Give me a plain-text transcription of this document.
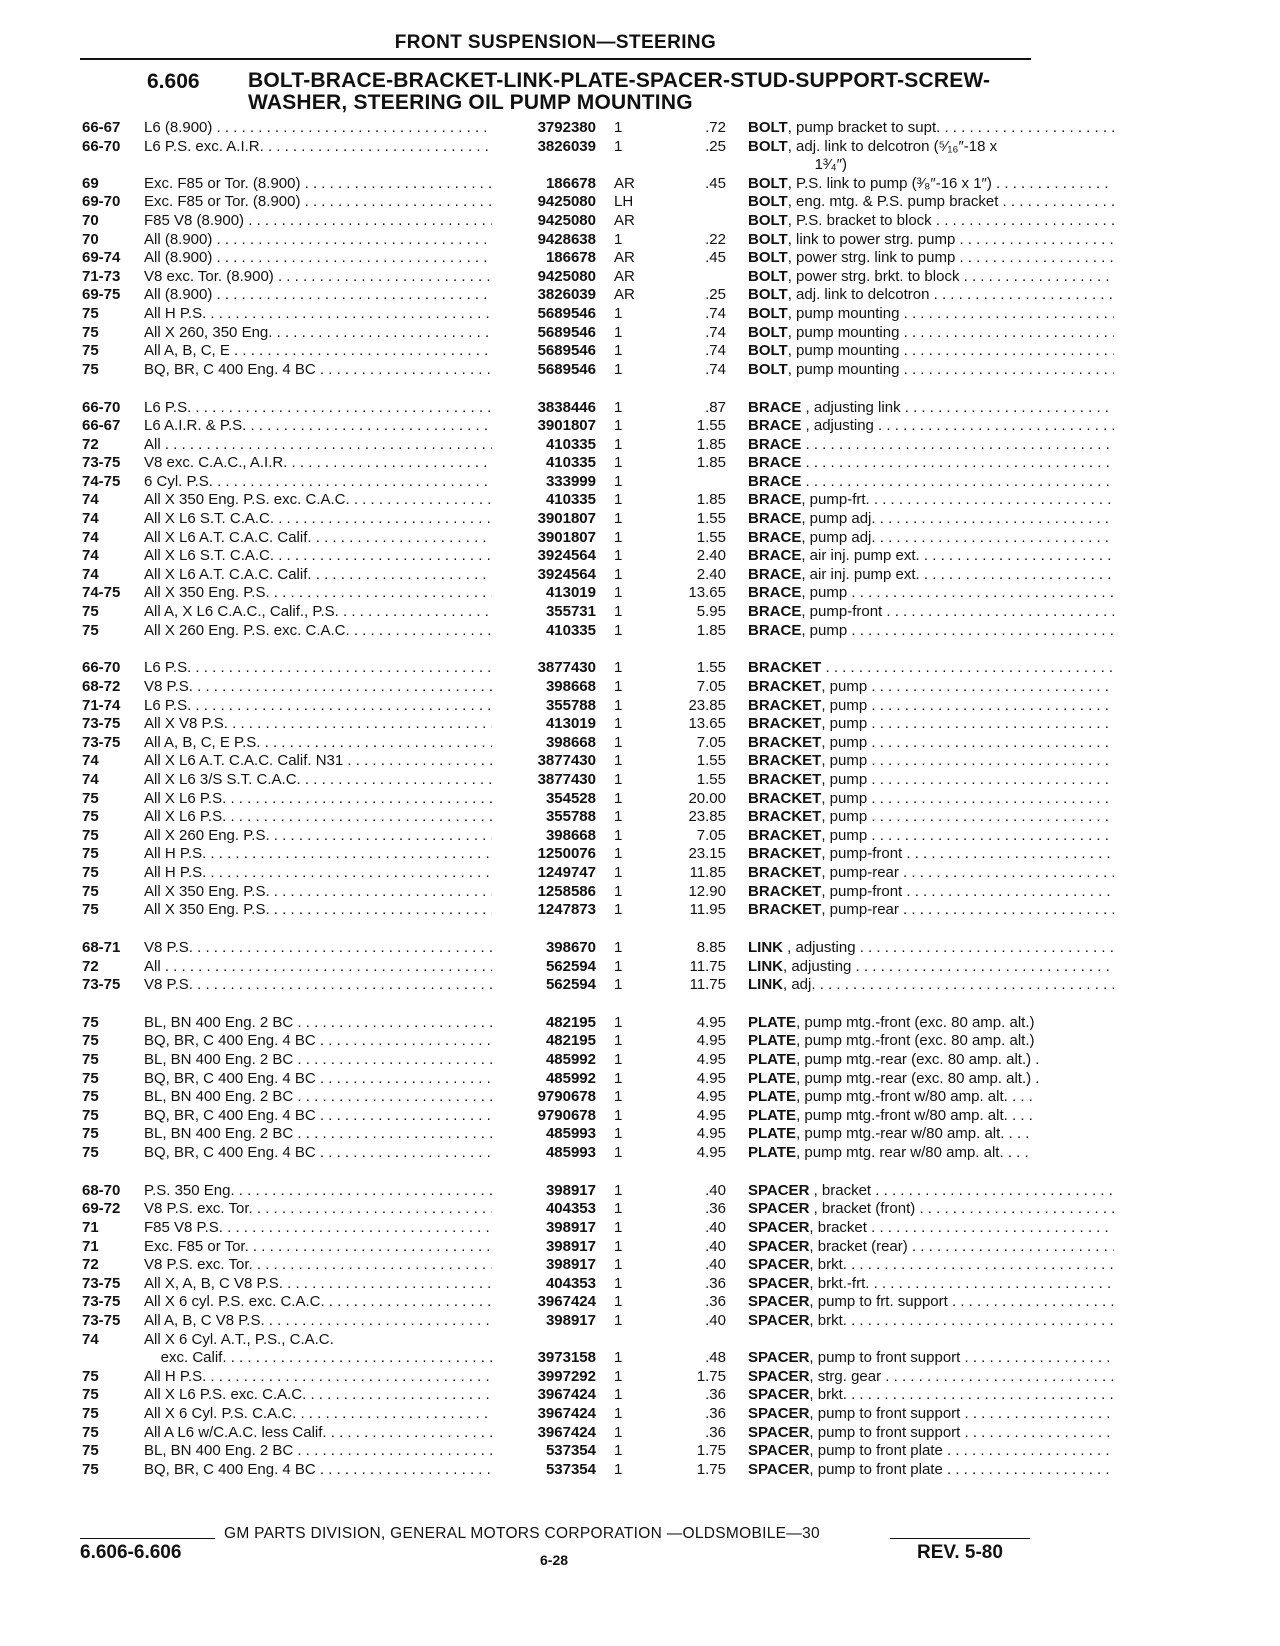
FRONT SUSPENSION—STEERING
6.606 BOLT-BRACE-BRACKET-LINK-PLATE-SPACER-STUD-SUPPORT-SCREW-WASHER, STEERING OIL PUMP MOUNTING
66-67	L6 (8.900) . . .	3792380 1	.72 BOLT, pump bracket to supt. . . .
66-70	L6 P.S. exc. A.I.R. . . .	3826039 1	.25 BOLT, adj. link to delcotron (⁵⁄₁₆″-18 x
1³⁄₄″)
69	Exc. F85 or Tor. (8.900) . . .	186678 AR	.45 BOLT, P.S. link to pump (³⁄₈″-16 x 1″) . . .
69-70	Exc. F85 or Tor. (8.900) . . .	9425080 LH	BOLT, eng. mtg. & P.S. pump bracket . . .
70	F85 V8 (8.900) . . .	9425080 AR	BOLT, P.S. bracket to block . . .
70	All (8.900) . . .	9428638 1	.22 BOLT, link to power strg. pump . . .
69-74	All (8.900) . . .	186678 AR	.45 BOLT, power strg. link to pump . . .
71-73	V8 exc. Tor. (8.900) . . .	9425080 AR	BOLT, power strg. brkt. to block . . .
69-75	All (8.900) . . .	3826039 AR	.25 BOLT, adj. link to delcotron . . .
75	All H P.S. . . .	5689546 1	.74 BOLT, pump mounting . . .
75	All X 260, 350 Eng. . . .	5689546 1	.74 BOLT, pump mounting . . .
75	All A, B, C, E . . .	5689546 1	.74 BOLT, pump mounting . . .
75	BQ, BR, C 400 Eng. 4 BC . . .	5689546 1	.74 BOLT, pump mounting . . .
66-70	L6 P.S. . . .	3838446 1	.87 BRACE , adjusting link . . .
66-67	L6 A.I.R. & P.S. . . .	3901807 1	1.55 BRACE , adjusting . . .
72	All . . .	410335 1	1.85 BRACE . . .
73-75	V8 exc. C.A.C., A.I.R. . . .	410335 1	1.85 BRACE . . .
74-75	6 Cyl. P.S. . . .	333999 1	BRACE . . .
74	All X 350 Eng. P.S. exc. C.A.C. . . .	410335 1	1.85 BRACE, pump-frt. . . .
74	All X L6 S.T. C.A.C. . . .	3901807 1	1.55 BRACE, pump adj. . . .
74	All X L6 A.T. C.A.C. Calif. . . .	3901807 1	1.55 BRACE, pump adj. . . .
74	All X L6 S.T. C.A.C. . . .	3924564 1	2.40 BRACE, air inj. pump ext. . . .
74	All X L6 A.T. C.A.C. Calif. . . .	3924564 1	2.40 BRACE, air inj. pump ext. . . .
74-75	All X 350 Eng. P.S. . . .	413019 1	13.65 BRACE, pump . . .
75	All A, X L6 C.A.C., Calif., P.S. . . .	355731 1	5.95 BRACE, pump-front . . .
75	All X 260 Eng. P.S. exc. C.A.C. . . .	410335 1	1.85 BRACE, pump . . .
66-70	L6 P.S. . . .	3877430 1	1.55 BRACKET . . .
68-72	V8 P.S. . . .	398668 1	7.05 BRACKET, pump . . .
71-74	L6 P.S. . . .	355788 1	23.85 BRACKET, pump . . .
73-75	All X V8 P.S. . . .	413019 1	13.65 BRACKET, pump . . .
73-75	All A, B, C, E P.S. . . .	398668 1	7.05 BRACKET, pump . . .
74	All X L6 A.T. C.A.C. Calif. N31 . . .	3877430 1	1.55 BRACKET, pump . . .
74	All X L6 3/S S.T. C.A.C. . . .	3877430 1	1.55 BRACKET, pump . . .
75	All X L6 P.S. . . .	354528 1	20.00 BRACKET, pump . . .
75	All X L6 P.S. . . .	355788 1	23.85 BRACKET, pump . . .
75	All X 260 Eng. P.S. . . .	398668 1	7.05 BRACKET, pump . . .
75	All H P.S. . . .	1250076 1	23.15 BRACKET, pump-front . . .
75	All H P.S. . . .	1249747 1	11.85 BRACKET, pump-rear . . .
75	All X 350 Eng. P.S. . . .	1258586 1	12.90 BRACKET, pump-front . . .
75	All X 350 Eng. P.S. . . .	1247873 1	11.95 BRACKET, pump-rear . . .
68-71	V8 P.S. . . .	398670 1	8.85 LINK , adjusting . . .
72	All . . .	562594 1	11.75 LINK, adjusting . . .
73-75	V8 P.S. . . .	562594 1	11.75 LINK, adj. . . .
75	BL, BN 400 Eng. 2 BC . . .	482195 1	4.95 PLATE, pump mtg.-front (exc. 80 amp. alt.)
75	BQ, BR, C 400 Eng. 4 BC . . .	482195 1	4.95 PLATE, pump mtg.-front (exc. 80 amp. alt.)
75	BL, BN 400 Eng. 2 BC . . .	485992 1	4.95 PLATE, pump mtg.-rear (exc. 80 amp. alt.) .
75	BQ, BR, C 400 Eng. 4 BC . . .	485992 1	4.95 PLATE, pump mtg.-rear (exc. 80 amp. alt.) .
75	BL, BN 400 Eng. 2 BC . . .	9790678 1	4.95 PLATE, pump mtg.-front w/80 amp. alt. . . .
75	BQ, BR, C 400 Eng. 4 BC . . .	9790678 1	4.95 PLATE, pump mtg.-front w/80 amp. alt. . . .
75	BL, BN 400 Eng. 2 BC . . .	485993 1	4.95 PLATE, pump mtg.-rear w/80 amp. alt. . . .
75	BQ, BR, C 400 Eng. 4 BC . . .	485993 1	4.95 PLATE, pump mtg. rear w/80 amp. alt. . . .
68-70	P.S. 350 Eng. . . .	398917 1	.40 SPACER , bracket . . .
69-72	V8 P.S. exc. Tor. . . .	404353 1	.36 SPACER , bracket (front) . . .
71	F85 V8 P.S. . . .	398917 1	.40 SPACER, bracket . . .
71	Exc. F85 or Tor. . . .	398917 1	.40 SPACER, bracket (rear) . . .
72	V8 P.S. exc. Tor. . . .	398917 1	.40 SPACER, brkt. . . .
73-75	All X, A, B, C V8 P.S. . . .	404353 1	.36 SPACER, brkt.-frt. . . .
73-75	All X 6 cyl. P.S. exc. C.A.C. . . .	3967424 1	.36 SPACER, pump to frt. support . . .
73-75	All A, B, C V8 P.S. . . .	398917 1	.40 SPACER, brkt. . . .
74	All X 6 Cyl. A.T., P.S., C.A.C.
exc. Calif. . . .	3973158 1	.48 SPACER, pump to front support . . .
75	All H P.S. . . .	3997292 1	1.75 SPACER, strg. gear . . .
75	All X L6 P.S. exc. C.A.C. . . .	3967424 1	.36 SPACER, brkt. . . .
75	All X 6 Cyl. P.S. C.A.C. . . .	3967424 1	.36 SPACER, pump to front support . . .
75	All A L6 w/C.A.C. less Calif. . . .	3967424 1	.36 SPACER, pump to front support . . .
75	BL, BN 400 Eng. 2 BC . . .	537354 1	1.75 SPACER, pump to front plate . . .
75	BQ, BR, C 400 Eng. 4 BC . . .	537354 1	1.75 SPACER, pump to front plate . . .
GM PARTS DIVISION, GENERAL MOTORS CORPORATION —OLDSMOBILE—30
6.606-6.606	6-28	REV. 5-80
